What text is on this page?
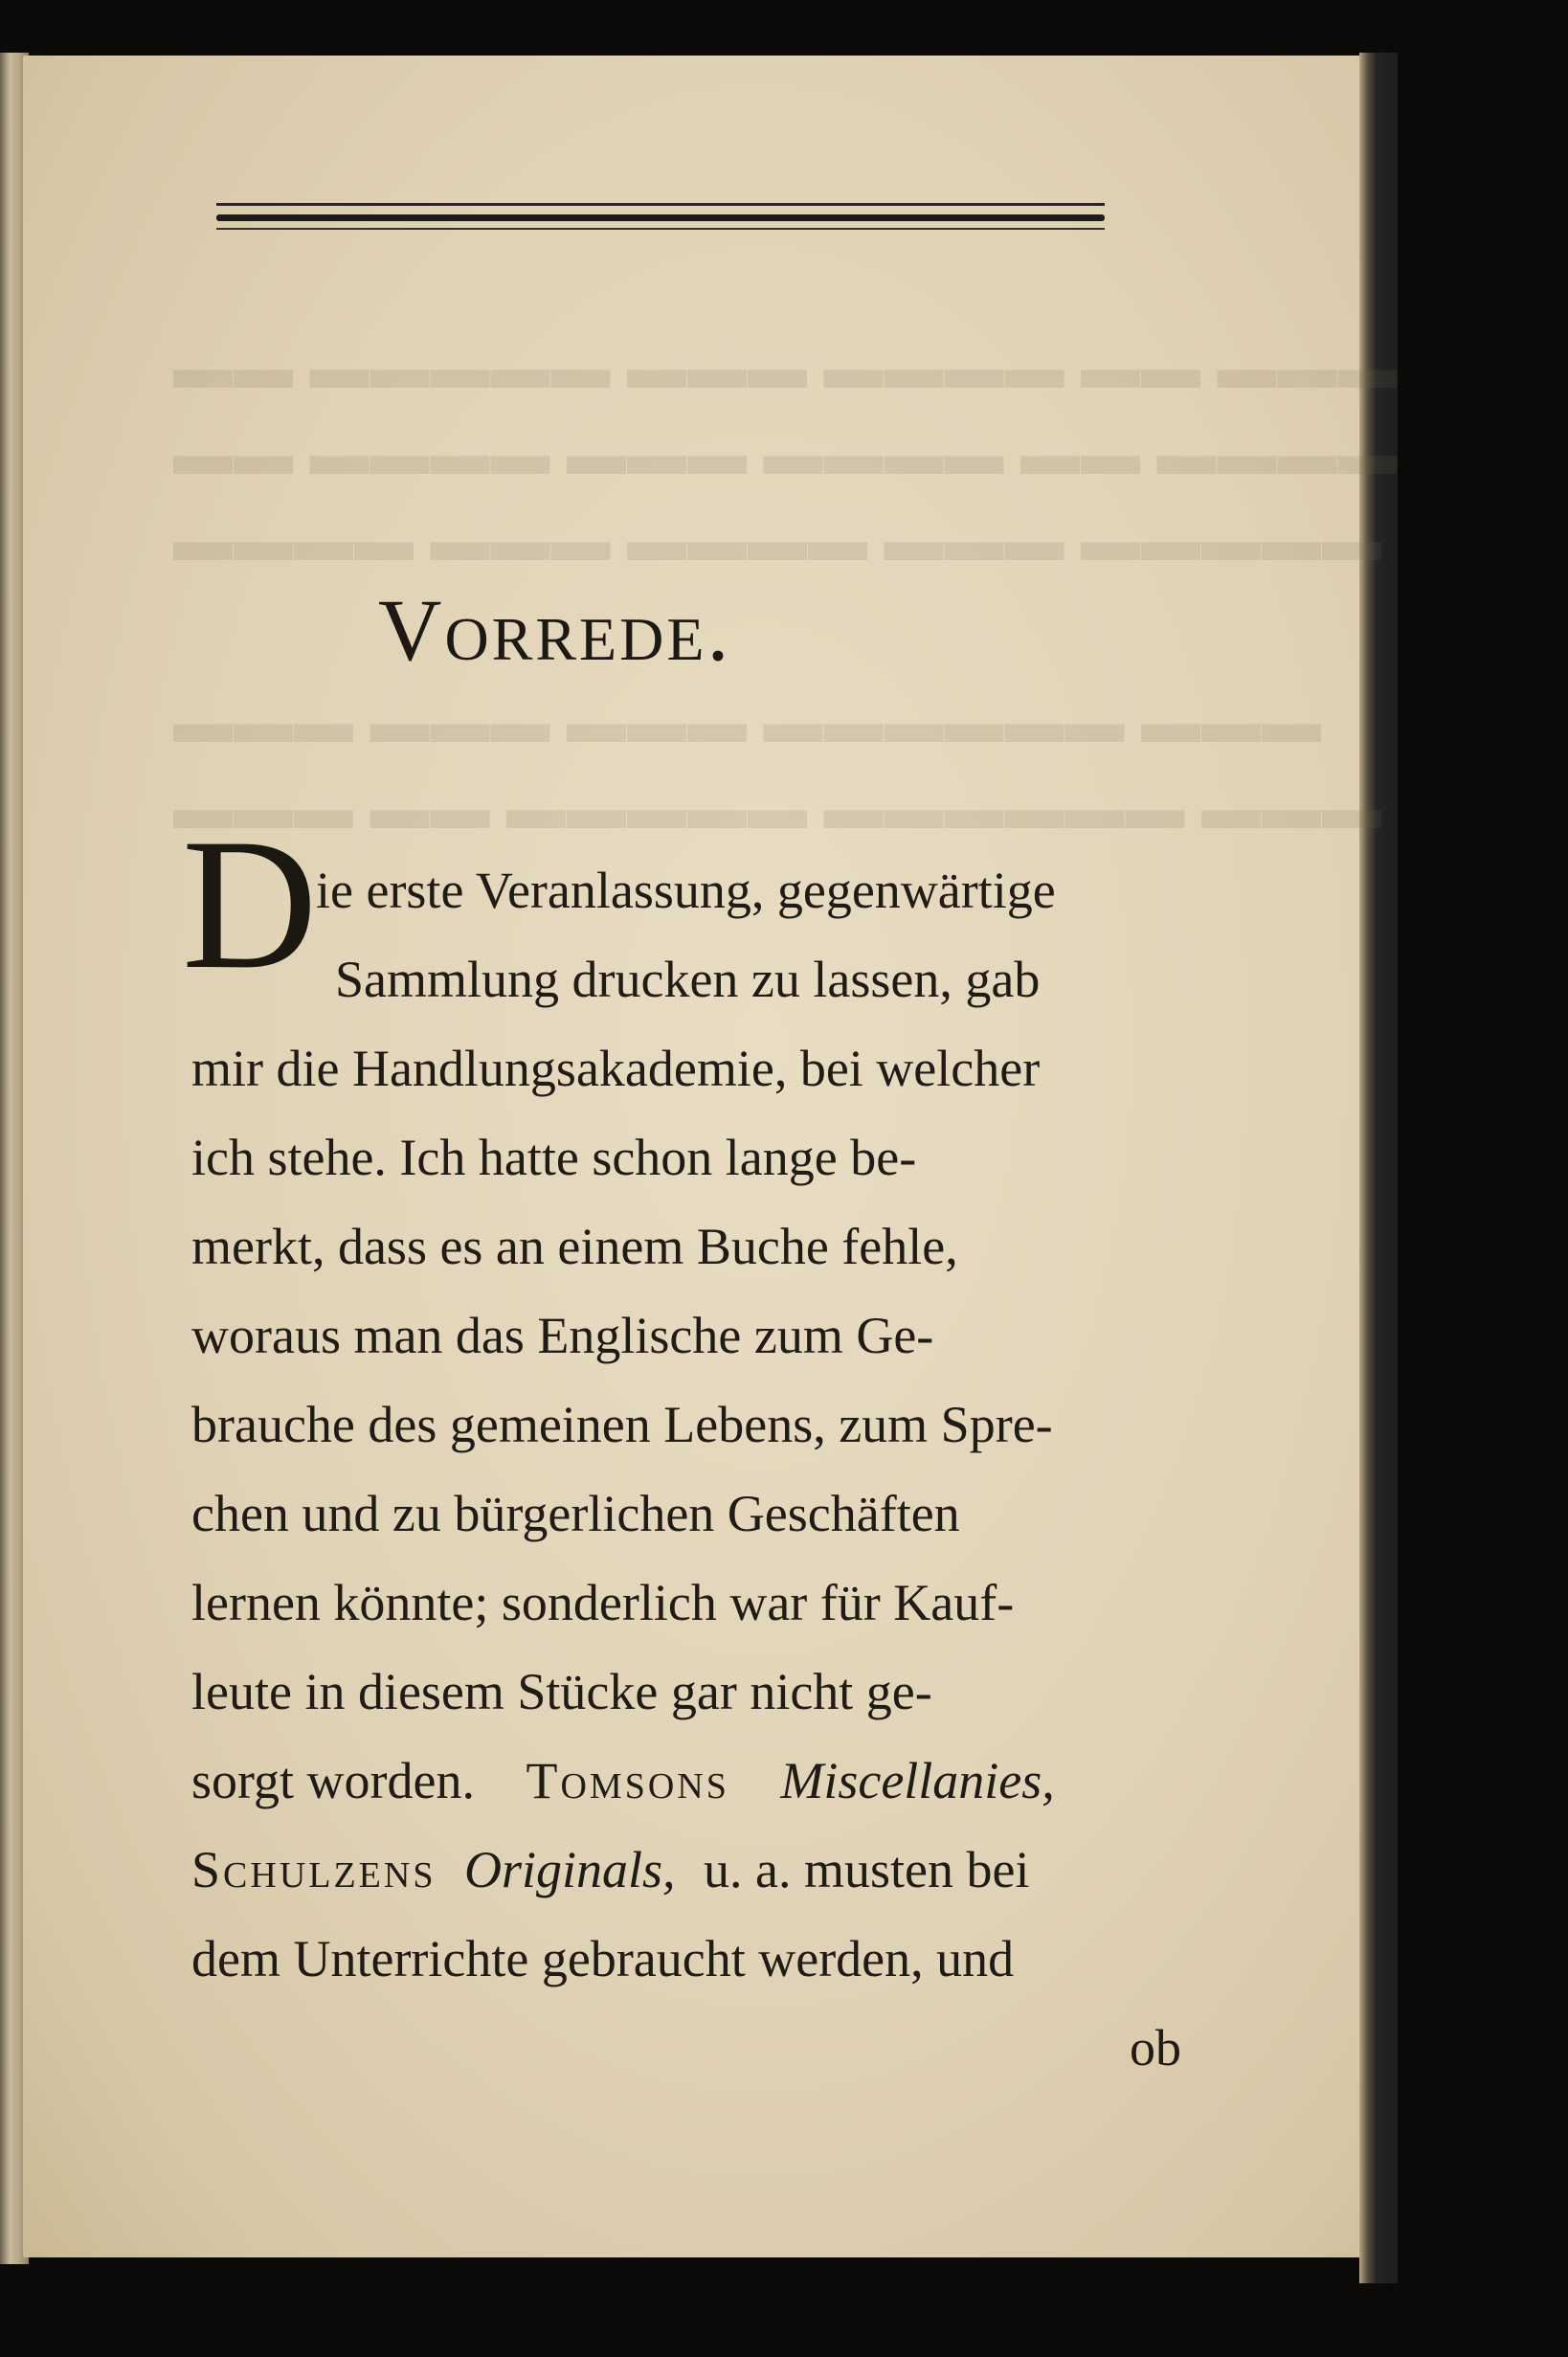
▬▬▬ ▬▬ ▬▬▬▬ ▬▬▬ ▬▬▬▬▬ ▬▬
▬▬▬▬ ▬▬ ▬▬▬▬ ▬▬▬ ▬▬▬▬ ▬▬
▬▬▬▬▬ ▬▬▬ ▬▬▬▬ ▬▬▬ ▬▬▬▬
▬▬▬ ▬▬▬▬▬▬ ▬▬▬ ▬▬▬ ▬▬▬
▬▬▬ ▬▬▬▬▬▬ ▬▬▬▬▬ ▬▬ ▬▬▬
Vorrede.
D
ie erste Veranlassung, gegenwärtige
Sammlung drucken zu lassen, gab
mir die Handlungsakademie, bei welcher
ich stehe. Ich hatte schon lange be-
merkt, dass es an einem Buche fehle,
woraus man das Englische zum Ge-
brauche des gemeinen Lebens, zum Spre-
chen und zu bürgerlichen Geschäften
lernen könnte; sonderlich war für Kauf-
leute in diesem Stücke gar nicht ge-
sorgt worden. Tomsons Miscellanies,
Schulzens Originals, u. a. musten bei
dem Unterrichte gebraucht werden, und
ob
